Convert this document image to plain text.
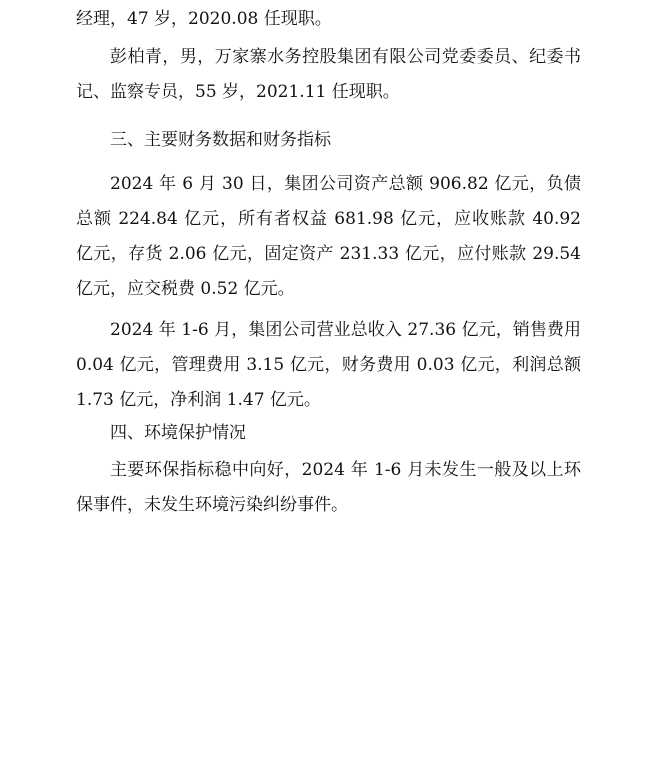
经理，47 岁，2020.08 任现职。

彭柏青，男，万家寨水务控股集团有限公司党委委员、纪委书记、监察专员，55 岁，2021.11 任现职。

三、主要财务数据和财务指标

2024 年 6 月 30 日，集团公司资产总额 906.82 亿元，负债总额 224.84 亿元，所有者权益 681.98 亿元，应收账款 40.92 亿元，存货 2.06 亿元，固定资产 231.33 亿元，应付账款 29.54 亿元，应交税费 0.52 亿元。

2024 年 1-6 月，集团公司营业总收入 27.36 亿元，销售费用 0.04 亿元，管理费用 3.15 亿元，财务费用 0.03 亿元，利润总额 1.73 亿元，净利润 1.47 亿元。

四、环境保护情况

主要环保指标稳中向好，2024 年 1-6 月未发生一般及以上环保事件，未发生环境污染纠纷事件。
